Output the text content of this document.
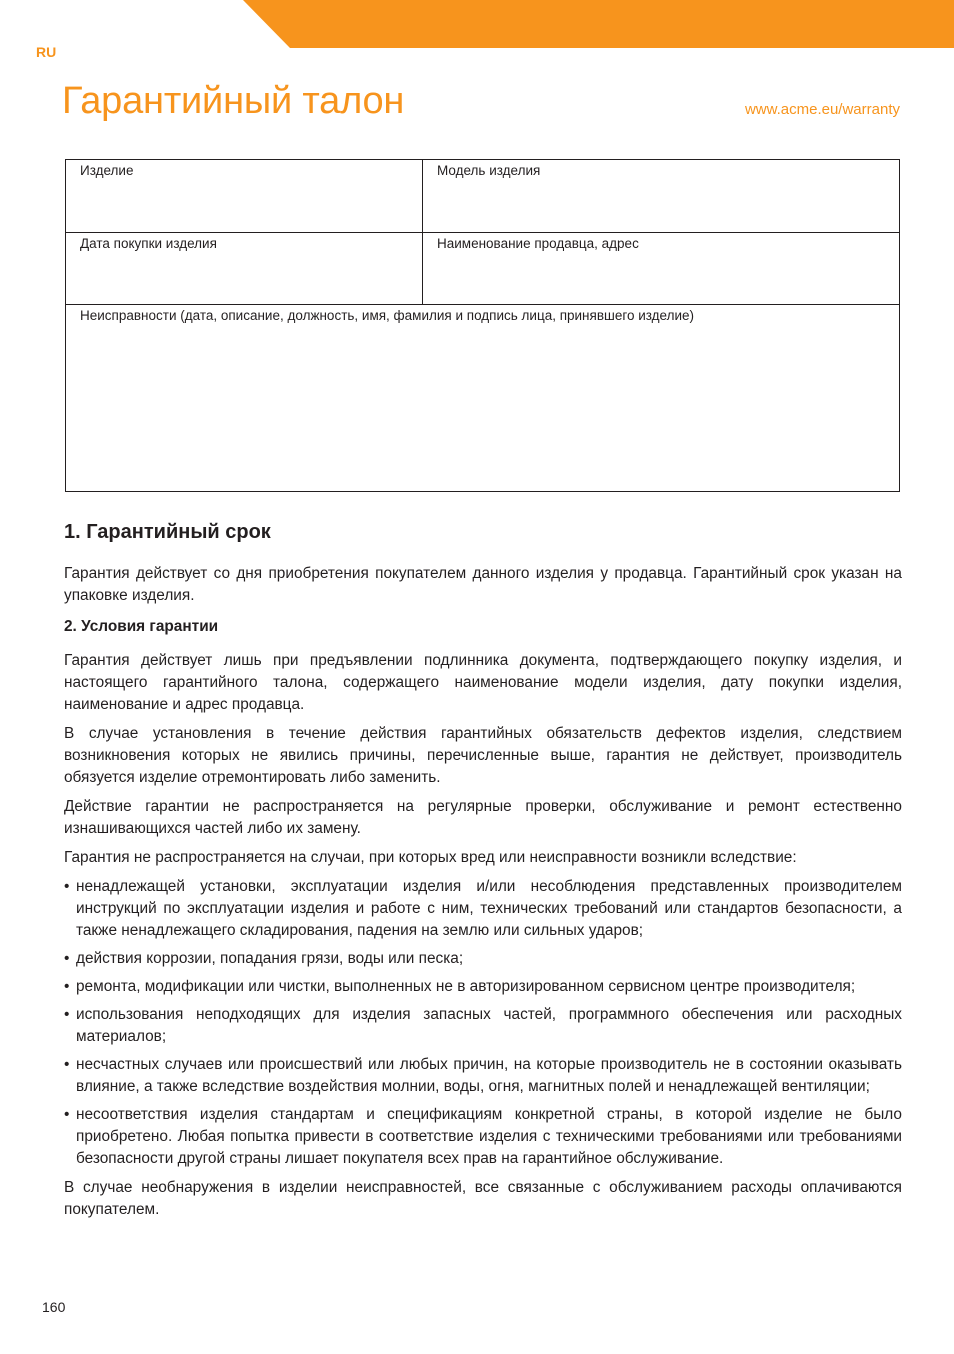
RU
Гарантийный талон	www.acme.eu/warranty
Изделие	Модель изделия
Дата покупки изделия	Наименование продавца, адрес
Неисправности (дата, описание, должность, имя, фамилия и подпись лица, принявшего изделие)
1. Гарантийный срок

Гарантия действует со дня приобретения покупателем данного изделия у продавца. Гарантийный срок указан на упаковке изделия.

2. Условия гарантии

Гарантия действует лишь при предъявлении подлинника документа, подтверждающего покупку изделия, и настоящего гарантийного талона, содержащего наименование модели изделия, дату покупки изделия, наименование и адрес продавца.

В случае установления в течение действия гарантийных обязательств дефектов изделия, следствием возникновения которых не явились причины, перечисленные выше, гарантия не действует, производитель обязуется изделие отремонтировать либо заменить.

Действие гарантии не распространяется на регулярные проверки, обслуживание и ремонт естественно изнашивающихся частей либо их замену.

Гарантия не распространяется на случаи, при которых вред или неисправности возникли вследствие:

• ненадлежащей установки, эксплуатации изделия и/или несоблюдения представленных производителем инструкций по эксплуатации изделия и работе с ним, технических требований или стандартов безопасности, а также ненадлежащего складирования, падения на землю или сильных ударов;
• действия коррозии, попадания грязи, воды или песка;
• ремонта, модификации или чистки, выполненных не в авторизированном сервисном центре производителя;
• использования неподходящих для изделия запасных частей, программного обеспечения или расходных материалов;
• несчастных случаев или происшествий или любых причин, на которые производитель не в состоянии оказывать влияние, а также вследствие воздействия молнии, воды, огня, магнитных полей и ненадлежащей вентиляции;
• несоответствия изделия стандартам и спецификациям конкретной страны, в которой изделие не было приобретено. Любая попытка привести в соответствие изделия с техническими требованиями или требованиями безопасности другой страны лишает покупателя всех прав на гарантийное обслуживание.

В случае необнаружения в изделии неисправностей, все связанные с обслуживанием расходы оплачиваются покупателем.

160
